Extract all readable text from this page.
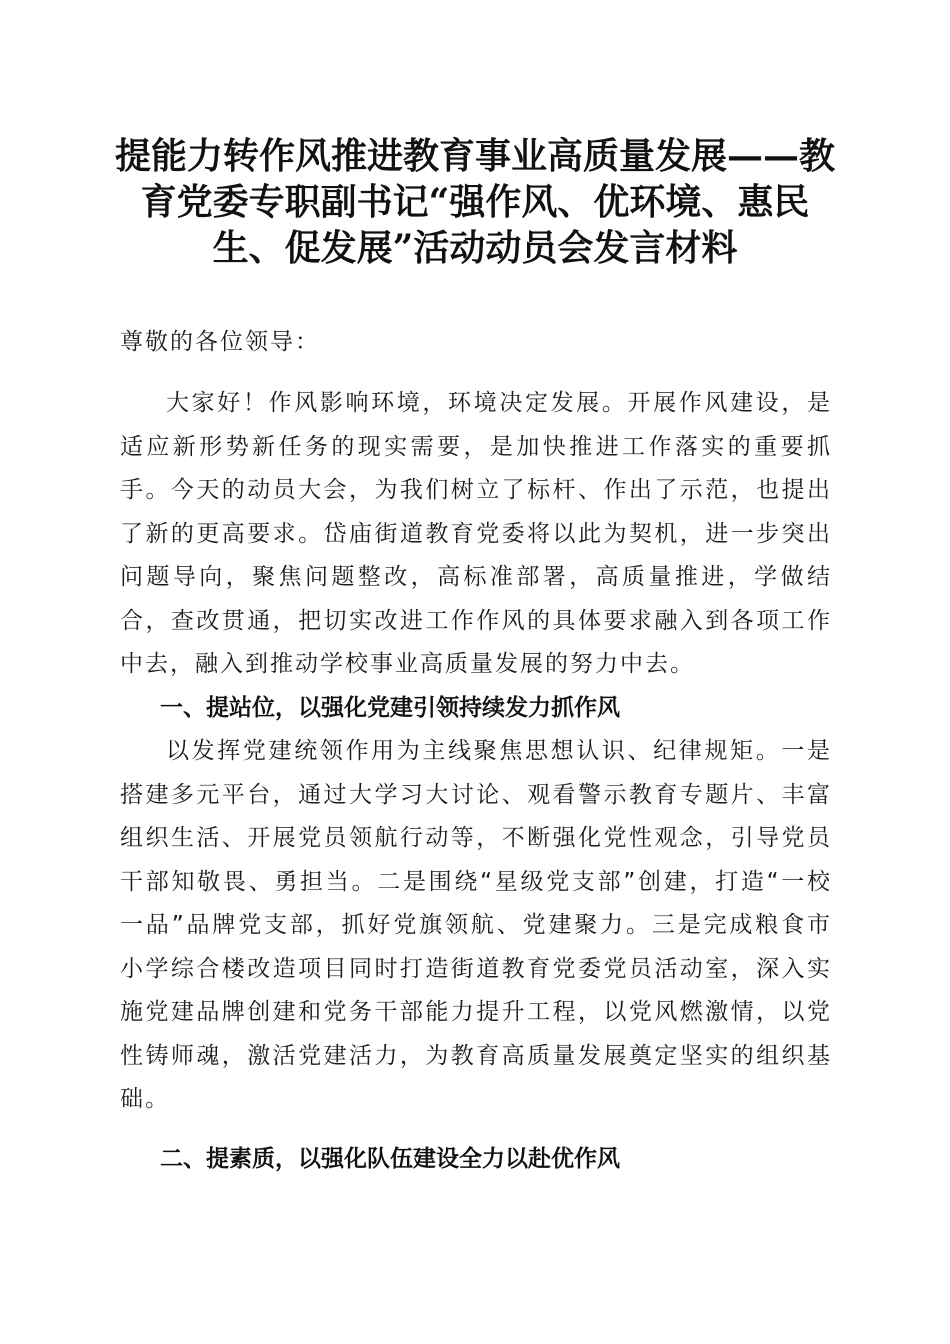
提能力转作风推进教育事业高质量发展——教育党委专职副书记“强作风、优环境、惠民生、促发展”活动动员会发言材料

尊敬的各位领导：

大家好！作风影响环境，环境决定发展。开展作风建设，是适应新形势新任务的现实需要，是加快推进工作落实的重要抓手。今天的动员大会，为我们树立了标杆、作出了示范，也提出了新的更高要求。岱庙街道教育党委将以此为契机，进一步突出问题导向，聚焦问题整改，高标准部署，高质量推进，学做结合，查改贯通，把切实改进工作作风的具体要求融入到各项工作中去，融入到推动学校事业高质量发展的努力中去。

一、提站位，以强化党建引领持续发力抓作风

以发挥党建统领作用为主线聚焦思想认识、纪律规矩。一是搭建多元平台，通过大学习大讨论、观看警示教育专题片、丰富组织生活、开展党员领航行动等，不断强化党性观念，引导党员干部知敬畏、勇担当。二是围绕“星级党支部”创建，打造“一校一品”品牌党支部，抓好党旗领航、党建聚力。三是完成粮食市小学综合楼改造项目同时打造街道教育党委党员活动室，深入实施党建品牌创建和党务干部能力提升工程，以党风燃激情，以党性铸师魂，激活党建活力，为教育高质量发展奠定坚实的组织基础。

二、提素质，以强化队伍建设全力以赴优作风
